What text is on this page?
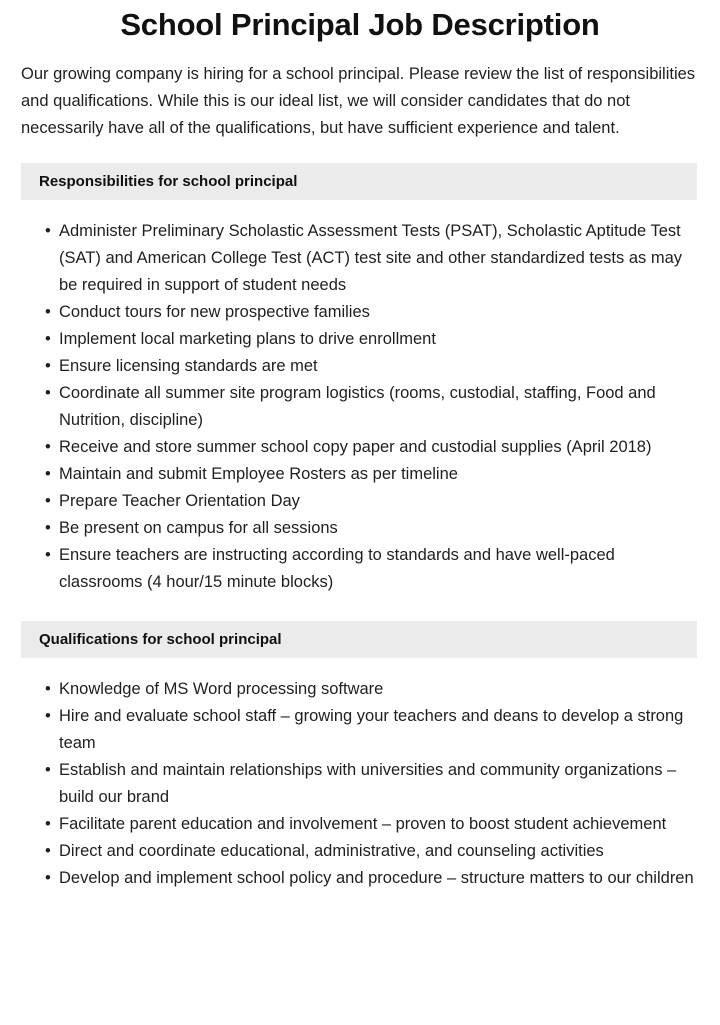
School Principal Job Description

Our growing company is hiring for a school principal. Please review the list of responsibilities and qualifications. While this is our ideal list, we will consider candidates that do not necessarily have all of the qualifications, but have sufficient experience and talent.

Responsibilities for school principal
• Administer Preliminary Scholastic Assessment Tests (PSAT), Scholastic Aptitude Test (SAT) and American College Test (ACT) test site and other standardized tests as may be required in support of student needs
• Conduct tours for new prospective families
• Implement local marketing plans to drive enrollment
• Ensure licensing standards are met
• Coordinate all summer site program logistics (rooms, custodial, staffing, Food and Nutrition, discipline)
• Receive and store summer school copy paper and custodial supplies (April 2018)
• Maintain and submit Employee Rosters as per timeline
• Prepare Teacher Orientation Day
• Be present on campus for all sessions
• Ensure teachers are instructing according to standards and have well-paced classrooms (4 hour/15 minute blocks)
Qualifications for school principal
• Knowledge of MS Word processing software
• Hire and evaluate school staff – growing your teachers and deans to develop a strong team
• Establish and maintain relationships with universities and community organizations – build our brand
• Facilitate parent education and involvement – proven to boost student achievement
• Direct and coordinate educational, administrative, and counseling activities
• Develop and implement school policy and procedure – structure matters to our children
